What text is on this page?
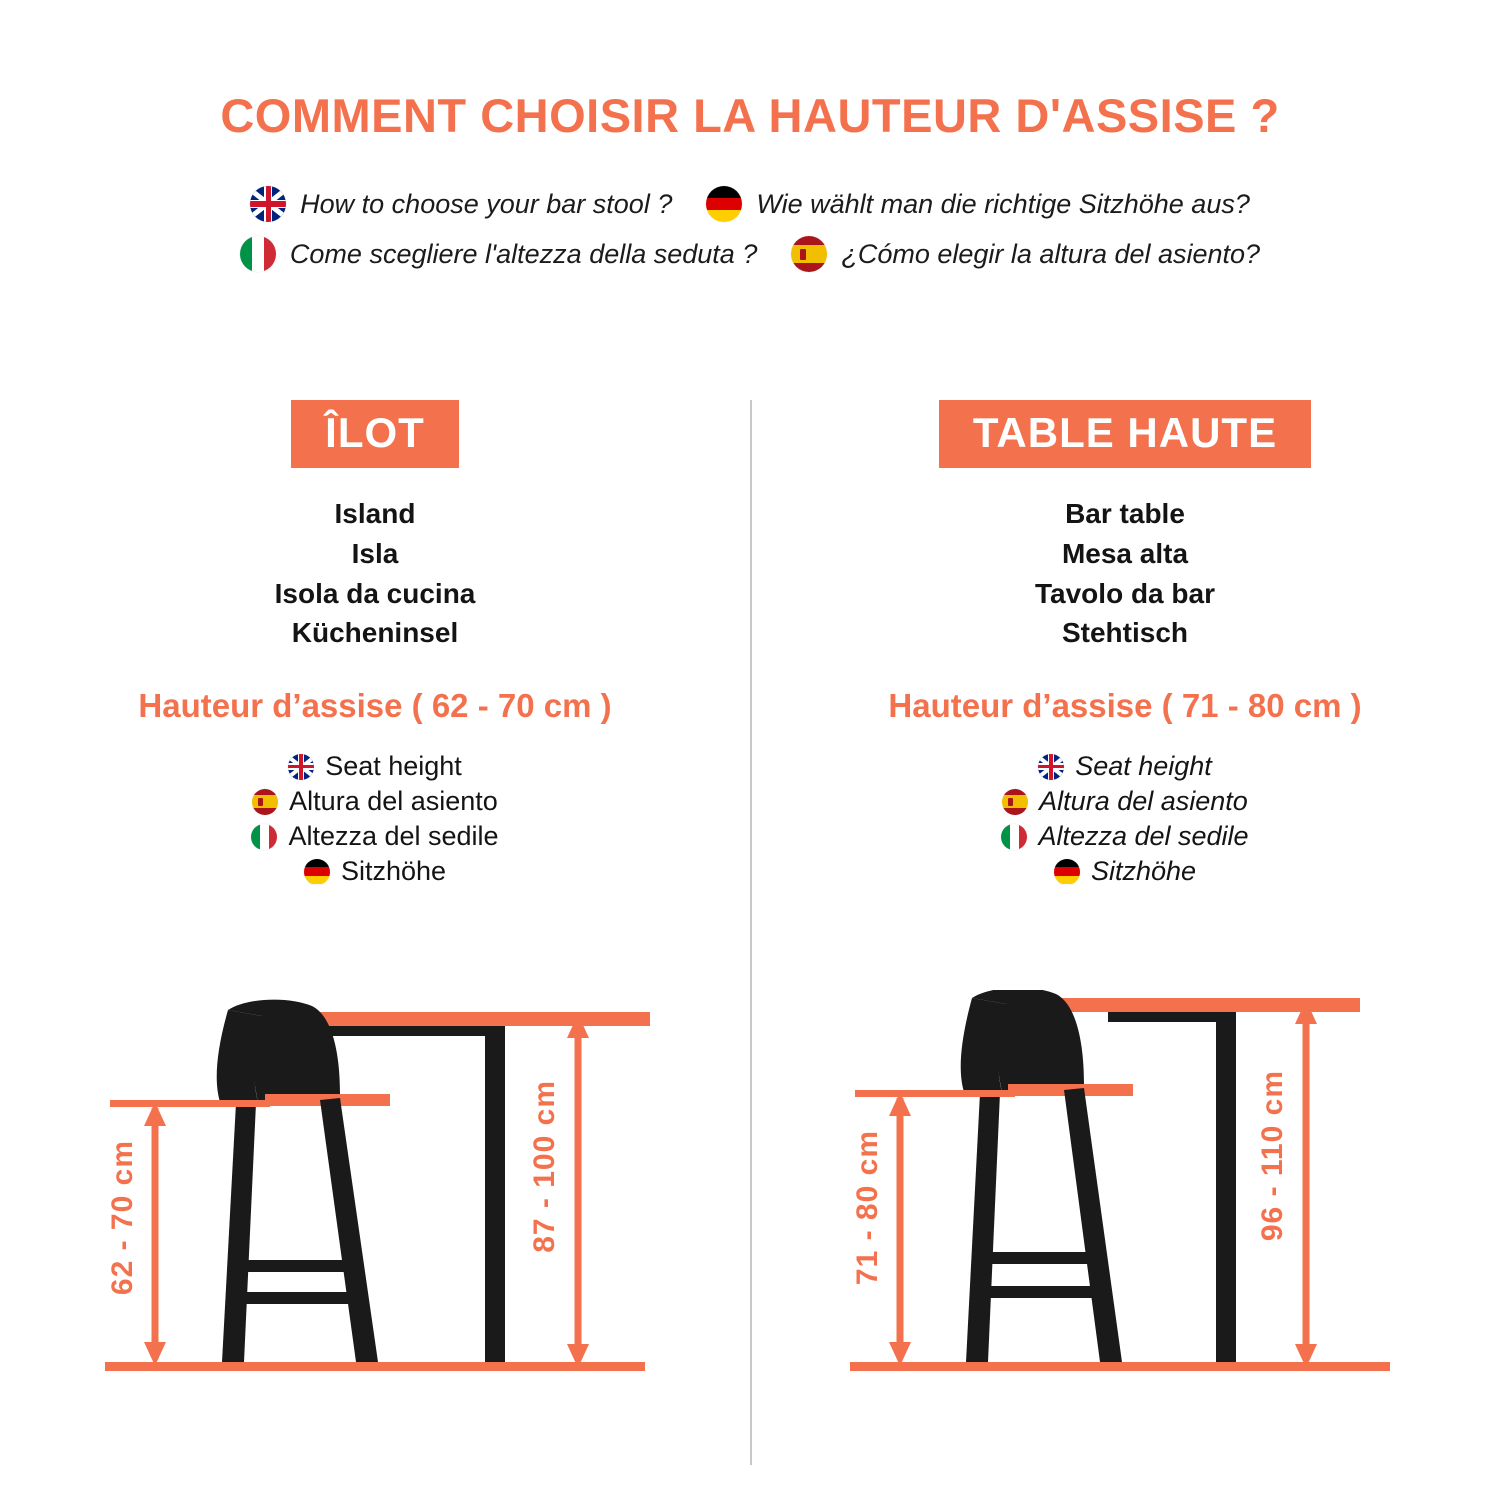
COMMENT CHOISIR LA HAUTEUR D'ASSISE ?
How to choose your bar stool ?	Wie wählt man die richtige Sitzhöhe aus?
Come scegliere l'altezza della seduta ?	¿Cómo elegir la altura del asiento?
ÎLOT
Island
Isla
Isola da cucina
Kücheninsel
Hauteur d’assise ( 62 - 70 cm )
Seat height
Altura del asiento
Altezza del sedile
Sitzhöhe
TABLE HAUTE
Bar table
Mesa alta
Tavolo da bar
Stehtisch
Hauteur d’assise ( 71 - 80 cm )
Seat height
Altura del asiento
Altezza del sedile
Sitzhöhe
62 - 70 cm	87 - 100 cm	71 - 80 cm	96 - 110 cm
